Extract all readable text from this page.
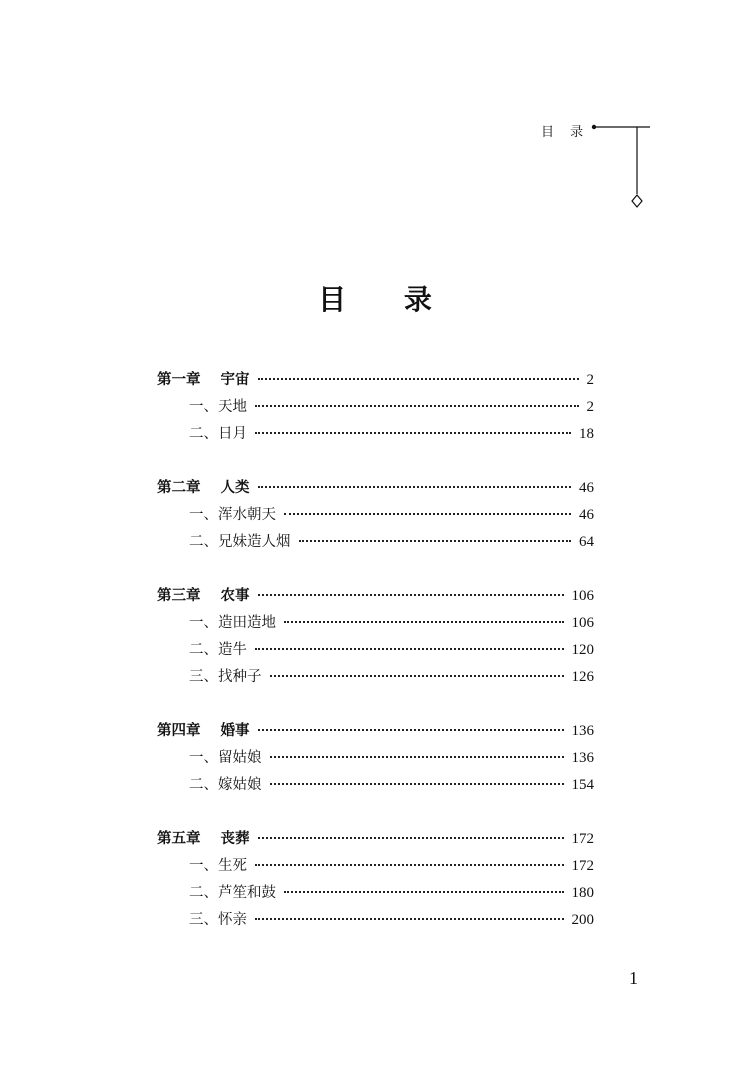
目 录
目 录
第一章 宇宙	2
一、 天地	2
二、 日月	18
第二章 人类	46
一、 浑水朝天	46
二、 兄妹造人烟	64
第三章 农事	106
一、 造田造地	106
二、 造牛	120
三、 找种子	126
第四章 婚事	136
一、 留姑娘	136
二、 嫁姑娘	154
第五章 丧葬	172
一、 生死	172
二、 芦笙和鼓	180
三、 怀亲	200
1
